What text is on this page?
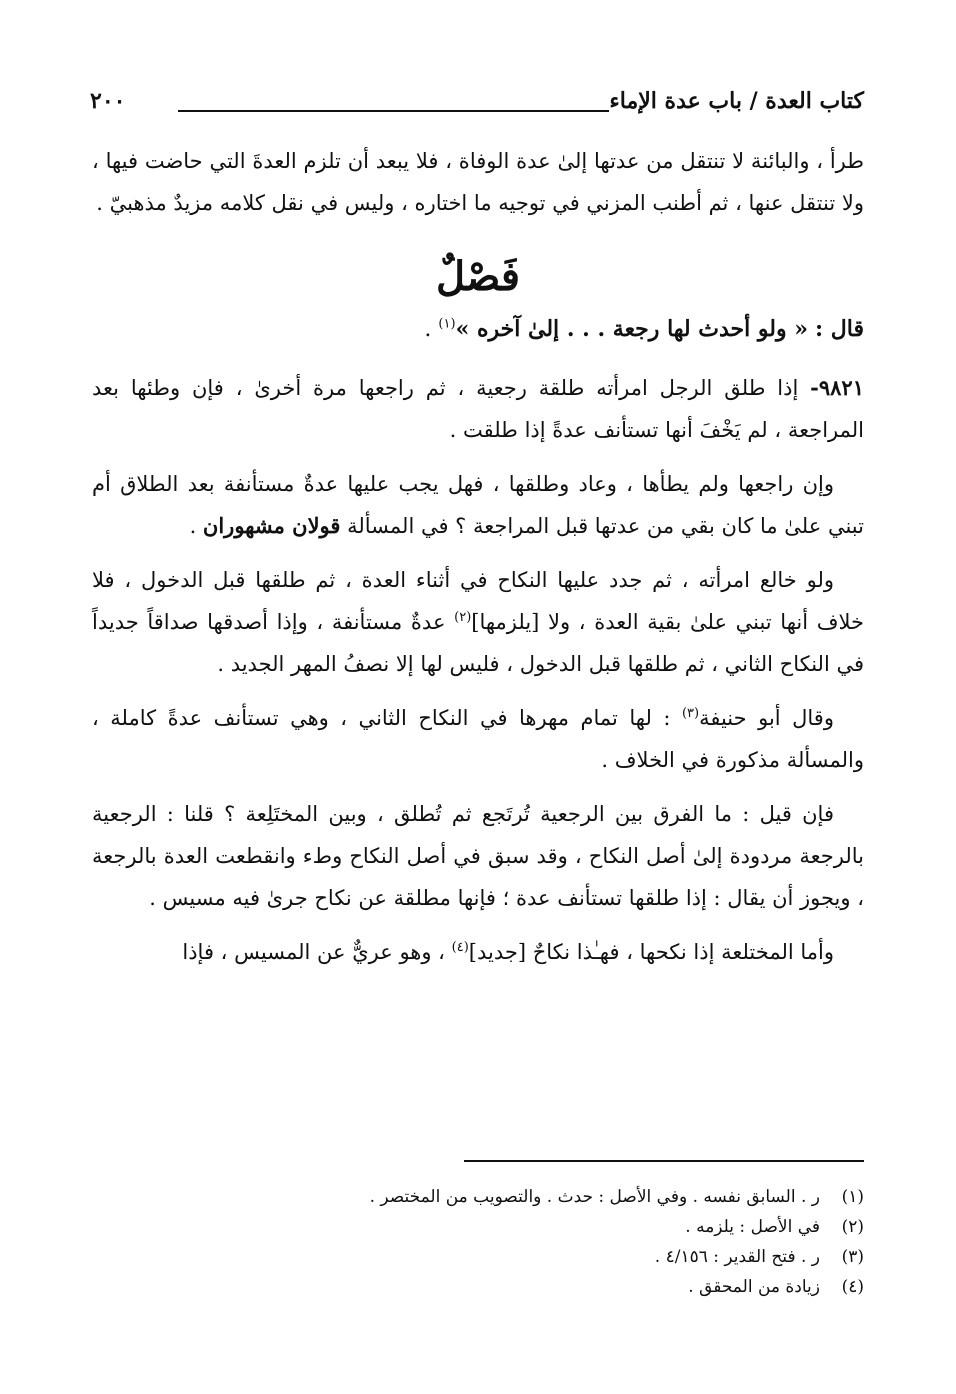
كتاب العدة / باب عدة الإماء
٢٠٠

طرأ ، والبائنة لا تنتقل من عدتها إلىٰ عدة الوفاة ، فلا يبعد أن تلزم العدةَ التي حاضت فيها ، ولا تنتقل عنها ، ثم أطنب المزني في توجيه ما اختاره ، وليس في نقل كلامه مزيدٌ مذهبيّ .

فَصْلٌ

قال : « ولو أحدث لها رجعة . . . إلىٰ آخره »$^{(١)}$ .

٩٨٢١- إذا طلق الرجل امرأته طلقة رجعية ، ثم راجعها مرة أخرىٰ ، فإن وطئها بعد المراجعة ، لم يَخْفَ أنها تستأنف عدةً إذا طلقت .

وإن راجعها ولم يطأها ، وعاد وطلقها ، فهل يجب عليها عدةٌ مستأنفة بعد الطلاق أم تبني علىٰ ما كان بقي من عدتها قبل المراجعة ؟ في المسألة قولان مشهوران .

ولو خالع امرأته ، ثم جدد عليها النكاح في أثناء العدة ، ثم طلقها قبل الدخول ، فلا خلاف أنها تبني علىٰ بقية العدة ، ولا [يلزمها]$^{(٢)}$ عدةٌ مستأنفة ، وإذا أصدقها صداقاً جديداً في النكاح الثاني ، ثم طلقها قبل الدخول ، فليس لها إلا نصفُ المهر الجديد .

وقال أبو حنيفة$^{(٣)}$ : لها تمام مهرها في النكاح الثاني ، وهي تستأنف عدةً كاملة ، والمسألة مذكورة في الخلاف .

فإن قيل : ما الفرق بين الرجعية تُرتَجع ثم تُطلق ، وبين المختَلِعة ؟ قلنا : الرجعية بالرجعة مردودة إلىٰ أصل النكاح ، وقد سبق في أصل النكاح وطء وانقطعت العدة بالرجعة ، ويجوز أن يقال : إذا طلقها تستأنف عدة ؛ فإنها مطلقة عن نكاح جرىٰ فيه مسيس .

وأما المختلعة إذا نكحها ، فهـٰذا نكاحٌ [جديد]$^{(٤)}$ ، وهو عريٌّ عن المسيس ، فإذا

(١)ر . السابق نفسه . وفي الأصل : حدث . والتصويب من المختصر .

(٢)في الأصل : يلزمه .

(٣)ر . فتح القدير : ٤/١٥٦ .

(٤)زيادة من المحقق .
